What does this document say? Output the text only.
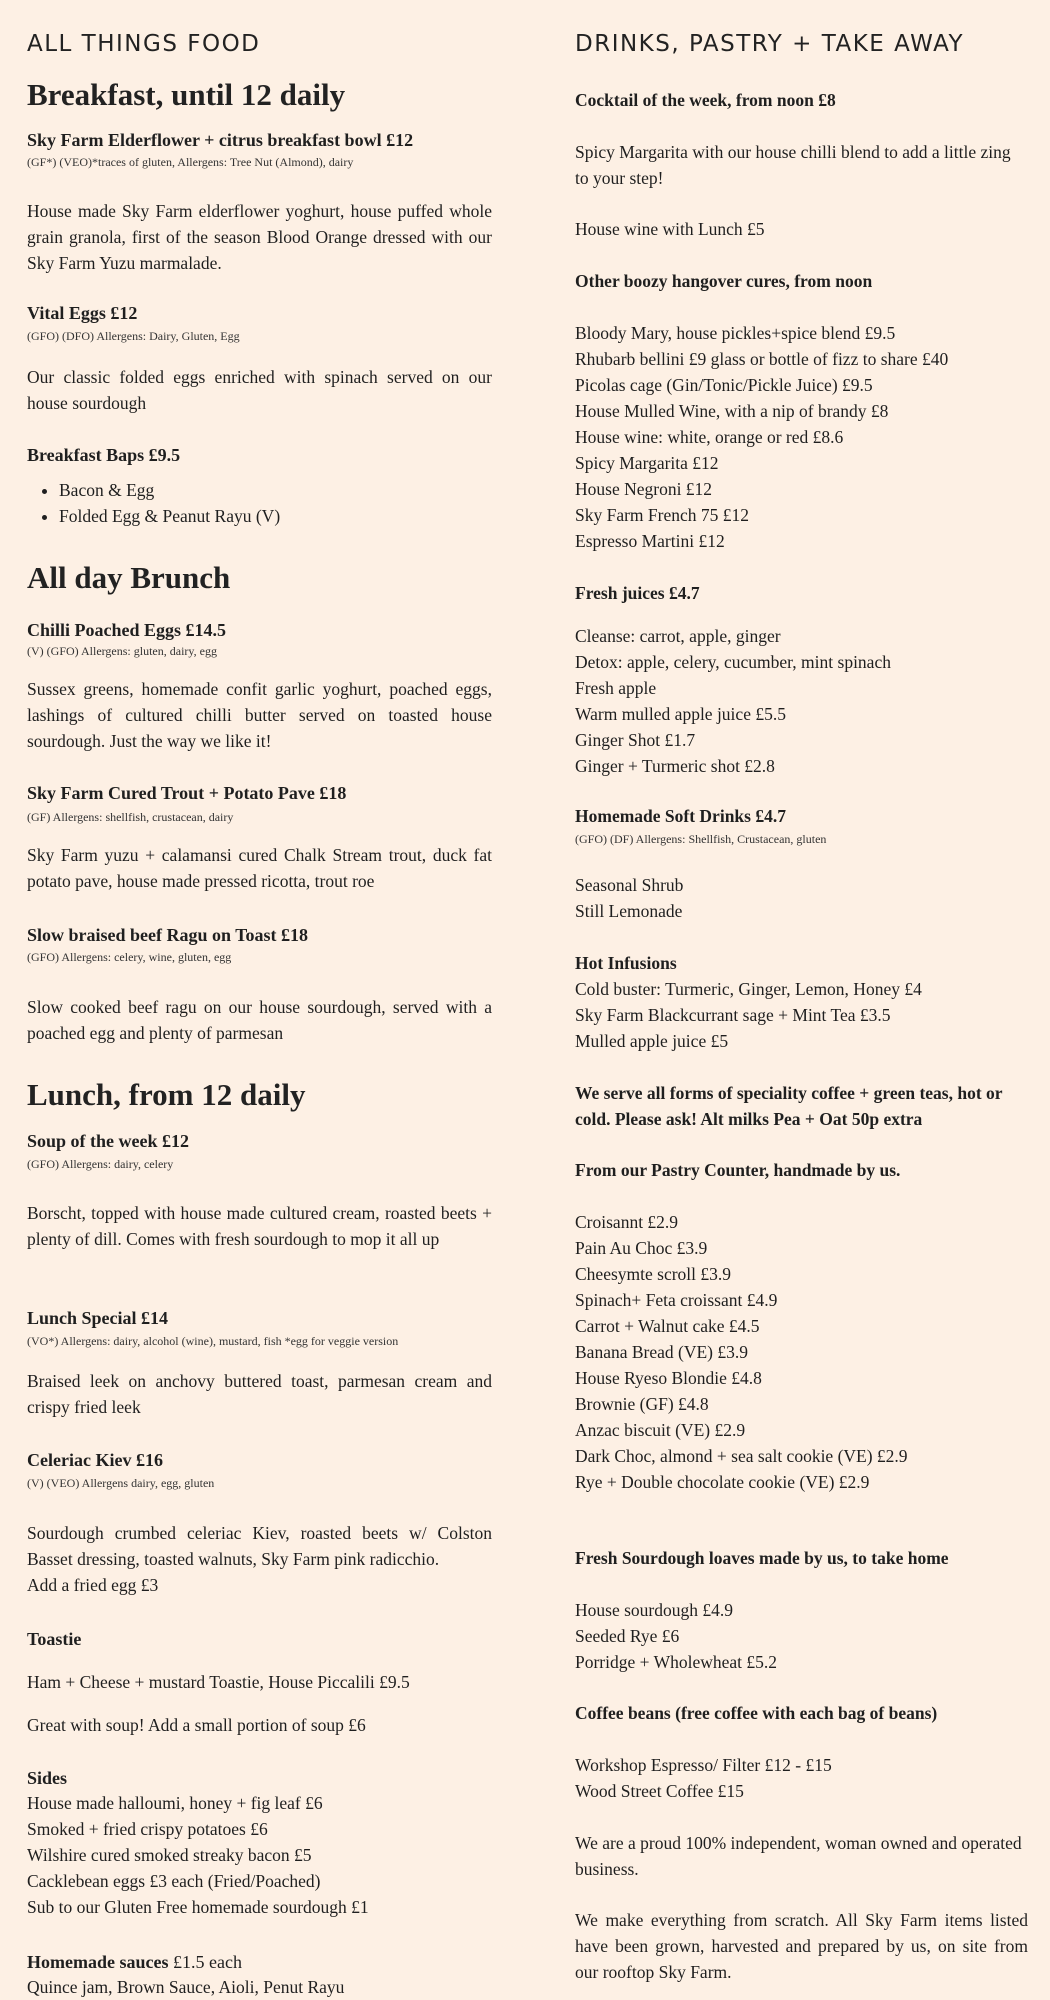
ALL THINGS FOOD
Breakfast, until 12 daily
Sky Farm Elderflower + citrus breakfast bowl £12
(GF*) (VEO)*traces of gluten, Allergens: Tree Nut (Almond), dairy

House made Sky Farm elderflower yoghurt, house puffed whole grain granola, first of the season Blood Orange dressed with our Sky Farm Yuzu marmalade.

Vital Eggs £12
(GFO) (DFO) Allergens: Dairy, Gluten, Egg

Our classic folded eggs enriched with spinach served on our house sourdough

Breakfast Baps £9.5
• Bacon & Egg
• Folded Egg & Peanut Rayu (V)
All day Brunch
Chilli Poached Eggs £14.5
(V) (GFO) Allergens: gluten, dairy, egg

Sussex greens, homemade confit garlic yoghurt, poached eggs, lashings of cultured chilli butter served on toasted house sourdough. Just the way we like it!

Sky Farm Cured Trout + Potato Pave £18
(GF) Allergens: shellfish, crustacean, dairy

Sky Farm yuzu + calamansi cured Chalk Stream trout, duck fat potato pave, house made pressed ricotta, trout roe

Slow braised beef Ragu on Toast £18
(GFO) Allergens: celery, wine, gluten, egg

Slow cooked beef ragu on our house sourdough, served with a poached egg and plenty of parmesan

Lunch, from 12 daily
Soup of the week £12
(GFO) Allergens: dairy, celery

Borscht, topped with house made cultured cream, roasted beets + plenty of dill. Comes with fresh sourdough to mop it all up

Lunch Special £14
(VO*) Allergens: dairy, alcohol (wine), mustard, fish *egg for veggie version

Braised leek on anchovy buttered toast, parmesan cream and crispy fried leek

Celeriac Kiev £16
(V) (VEO) Allergens dairy, egg, gluten

Sourdough crumbed celeriac Kiev, roasted beets w/ Colston Basset dressing, toasted walnuts, Sky Farm pink radicchio.

Add a fried egg £3

Toastie

Ham + Cheese + mustard Toastie, House Piccalili £9.5

Great with soup! Add a small portion of soup £6

Sides
House made halloumi, honey + fig leaf £6
Smoked + fried crispy potatoes £6
Wilshire cured smoked streaky bacon £5
Cacklebean eggs £3 each (Fried/Poached)
Sub to our Gluten Free homemade sourdough £1
Homemade sauces £1.5 each

Quince jam, Brown Sauce, Aioli, Penut Rayu

DRINKS, PASTRY + TAKE AWAY
Cocktail of the week, from noon £8

Spicy Margarita with our house chilli blend to add a little zing to your step!

House wine with Lunch £5

Other boozy hangover cures, from noon
Bloody Mary, house pickles+spice blend £9.5
Rhubarb bellini £9 glass or bottle of fizz to share £40
Picolas cage (Gin/Tonic/Pickle Juice) £9.5
House Mulled Wine, with a nip of brandy £8
House wine: white, orange or red £8.6
Spicy Margarita £12
House Negroni £12
Sky Farm French 75 £12
Espresso Martini £12
Fresh juices £4.7
Cleanse: carrot, apple, ginger
Detox: apple, celery, cucumber, mint spinach
Fresh apple
Warm mulled apple juice £5.5
Ginger Shot £1.7
Ginger + Turmeric shot £2.8
Homemade Soft Drinks £4.7
(GFO) (DF) Allergens: Shellfish, Crustacean, gluten
Seasonal Shrub
Still Lemonade
Hot Infusions
Cold buster: Turmeric, Ginger, Lemon, Honey £4
Sky Farm Blackcurrant sage + Mint Tea £3.5
Mulled apple juice £5

We serve all forms of speciality coffee + green teas, hot or cold. Please ask! Alt milks Pea + Oat 50p extra

From our Pastry Counter, handmade by us.
Croisannt £2.9
Pain Au Choc £3.9
Cheesymte scroll £3.9
Spinach+ Feta croissant £4.9
Carrot + Walnut cake £4.5
Banana Bread (VE) £3.9
House Ryeso Blondie £4.8
Brownie (GF) £4.8
Anzac biscuit (VE) £2.9
Dark Choc, almond + sea salt cookie (VE) £2.9
Rye + Double chocolate cookie (VE) £2.9
Fresh Sourdough loaves made by us, to take home
House sourdough £4.9
Seeded Rye £6
Porridge + Wholewheat £5.2
Coffee beans (free coffee with each bag of beans)
Workshop Espresso/ Filter £12 - £15
Wood Street Coffee £15

We are a proud 100% independent, woman owned and operated business.

We make everything from scratch. All Sky Farm items listed have been grown, harvested and prepared by us, on site from our rooftop Sky Farm.
